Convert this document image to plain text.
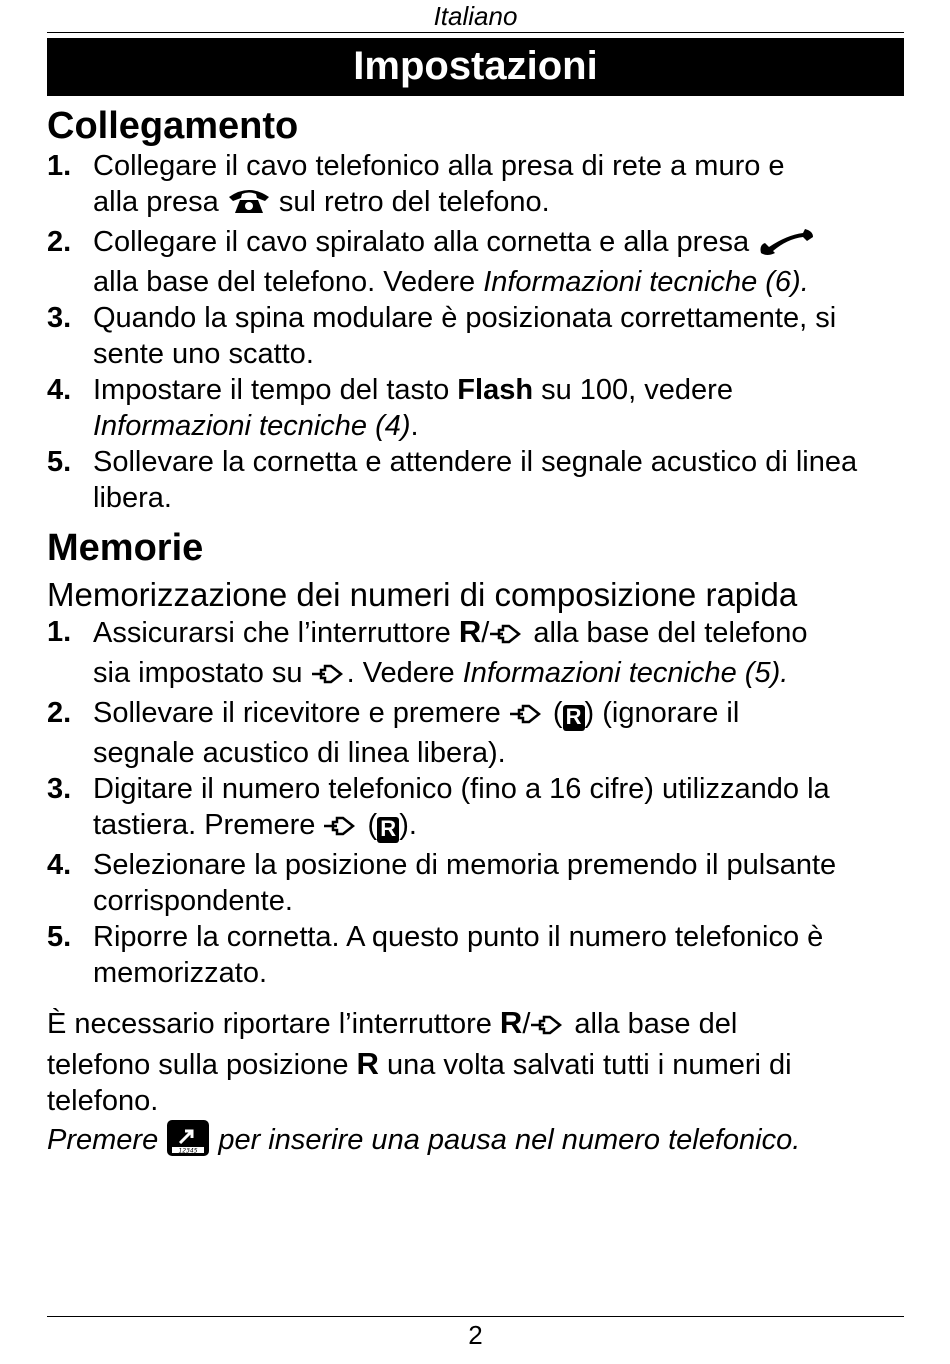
Italiano
Impostazioni
Collegamento
1. Collegare il cavo telefonico alla presa di rete a muro e
alla presa  sul retro del telefono.
2. Collegare il cavo spiralato alla cornetta e alla presa
alla base del telefono. Vedere Informazioni tecniche (6).
3. Quando la spina modulare è posizionata correttamente, si sente uno scatto.
4. Impostare il tempo del tasto Flash su 100, vedere
Informazioni tecniche (4).
5. Sollevare la cornetta e attendere il segnale acustico di linea libera.
Memorie
Memorizzazione dei numeri di composizione rapida
1. Assicurarsi che l’interruttore R/ alla base del telefono
sia impostato su . Vedere Informazioni tecniche (5).
2. Sollevare il ricevitore e premere  ( R ) (ignorare il
segnale acustico di linea libera).
3. Digitare il numero telefonico (fino a 16 cifre) utilizzando la
tastiera. Premere  ( R ).
4. Selezionare la posizione di memoria premendo il pulsante corrispondente.
5. Riporre la cornetta. A questo punto il numero telefonico è memorizzato.

È necessario riportare l’interruttore R/ alla base del
telefono sulla posizione R una volta salvati tutti i numeri di telefono.

Premere 12345 per inserire una pausa nel numero telefonico.

2
